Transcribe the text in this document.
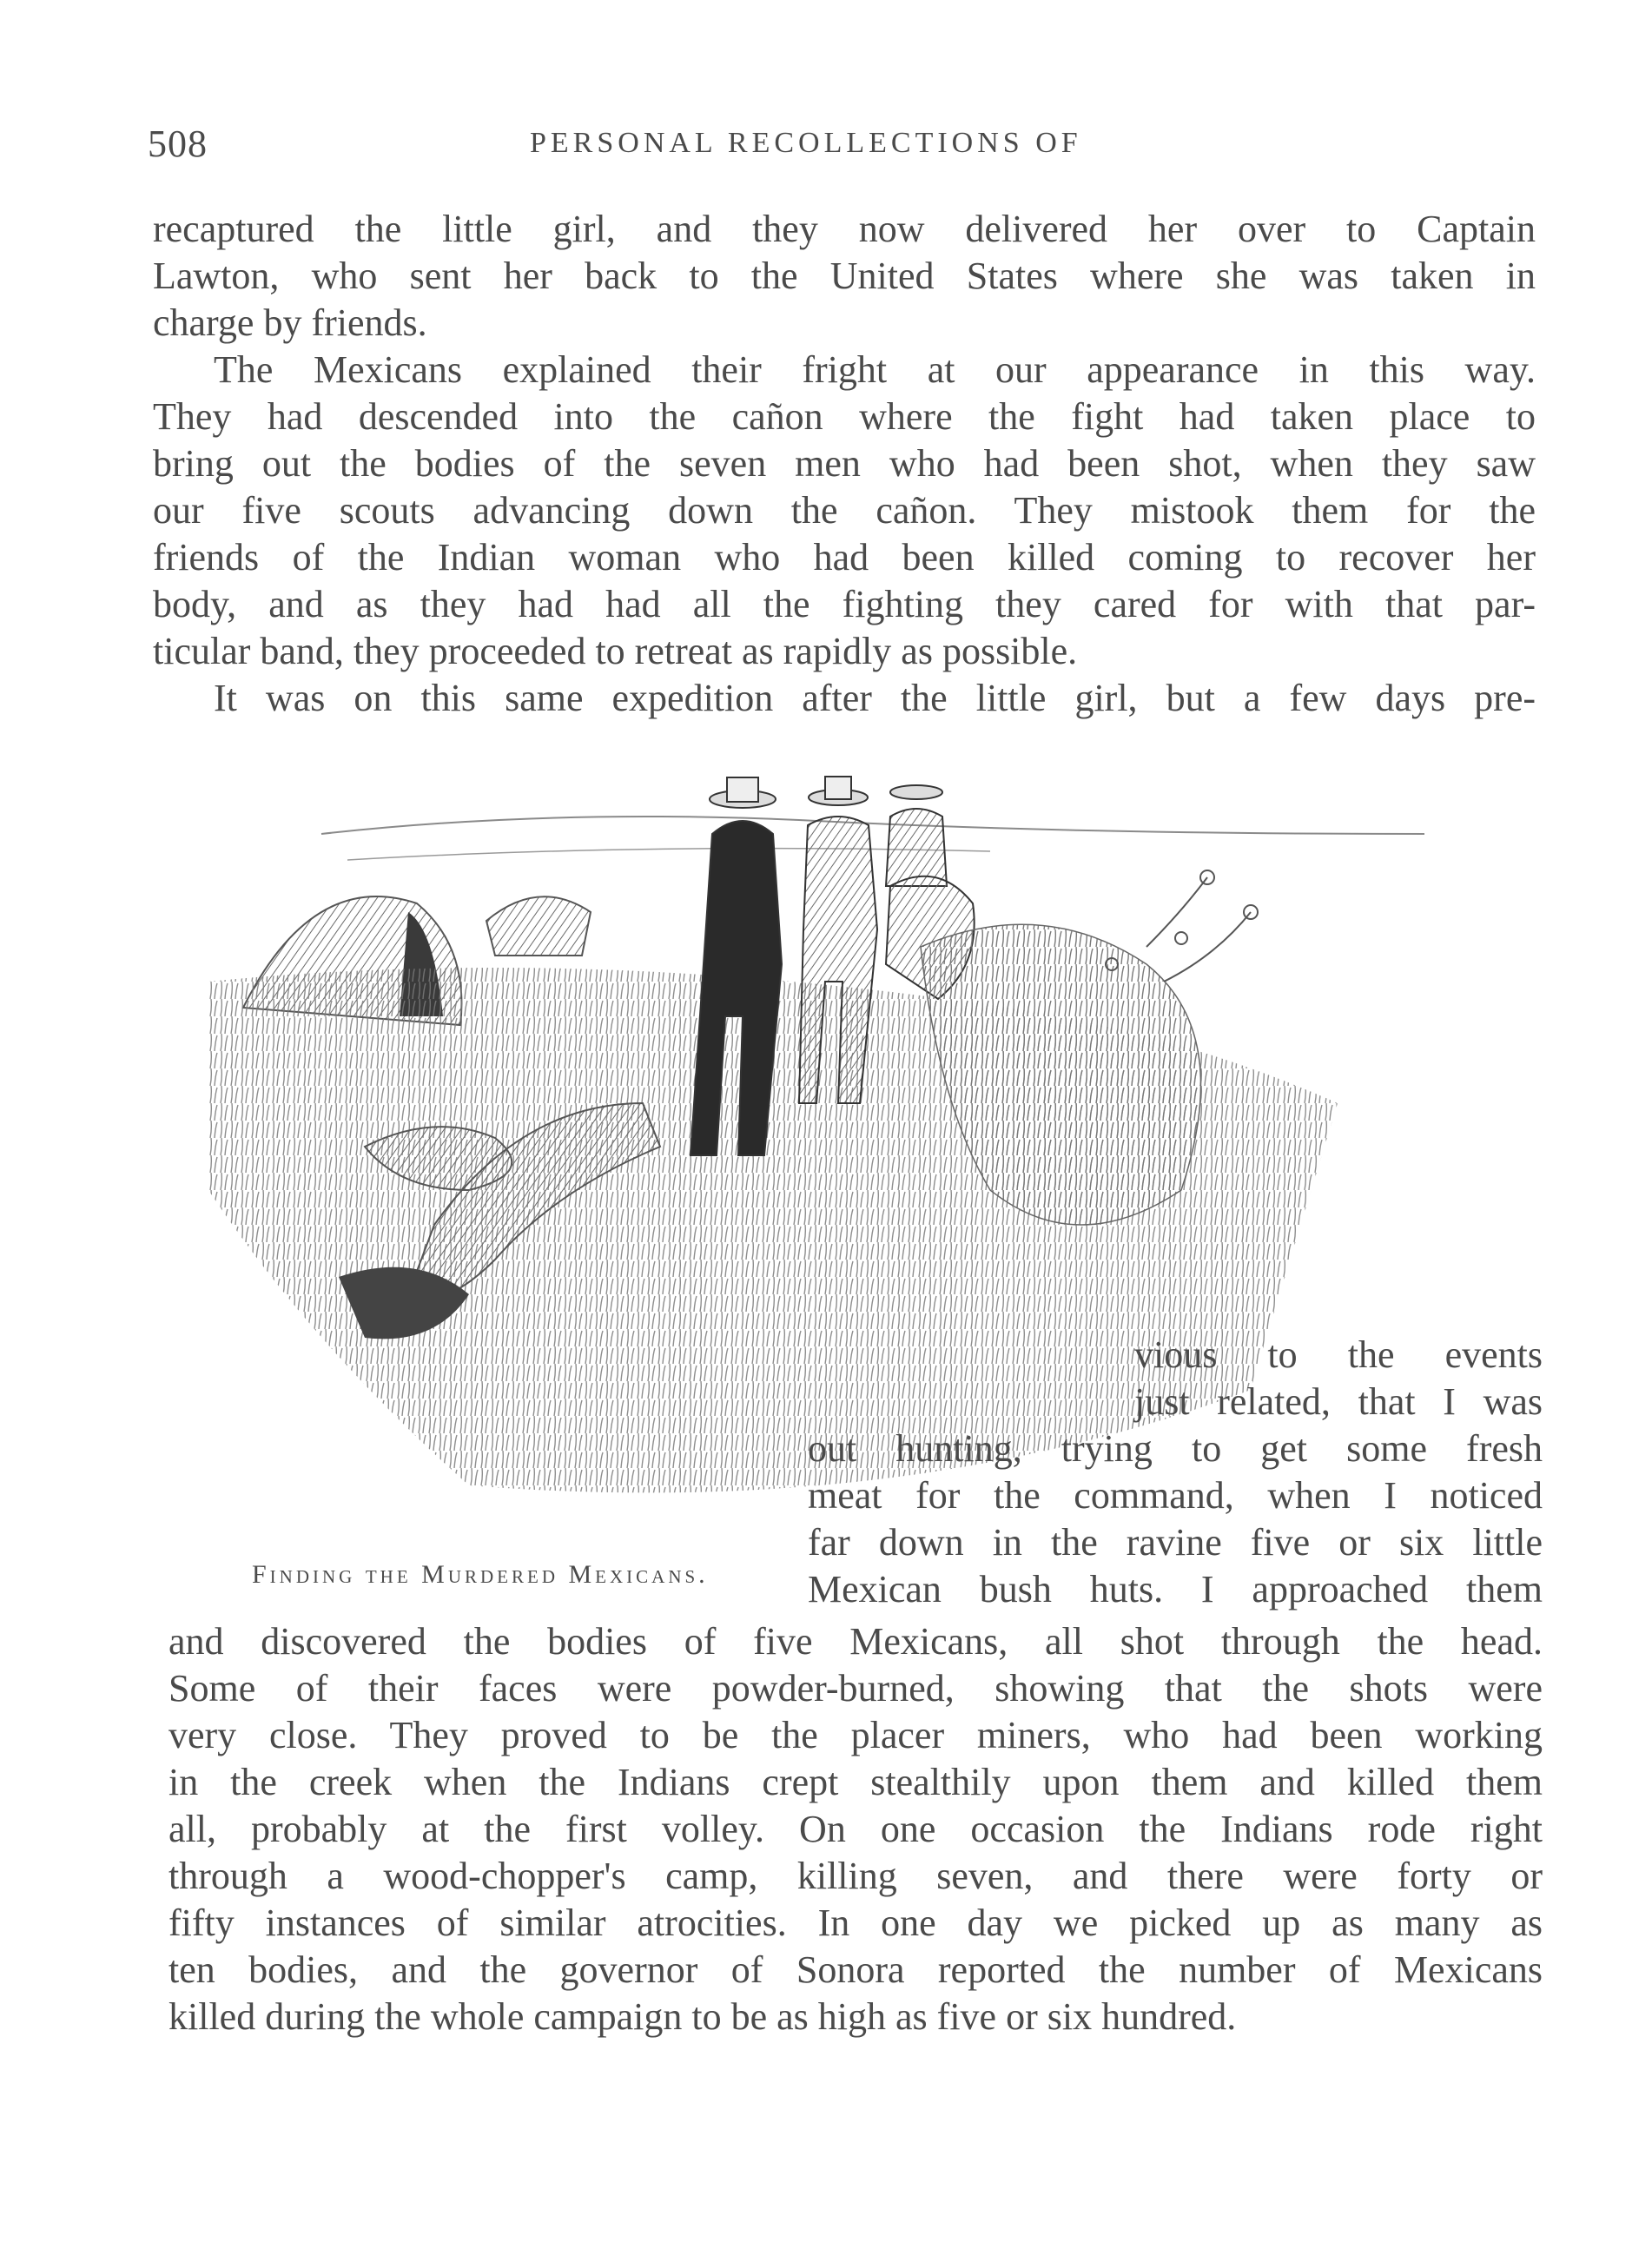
508	PERSONAL RECOLLECTIONS OF
recaptured the little girl, and they now delivered her over to Captain
Lawton, who sent her back to the United States where she was taken in
charge by friends.
The Mexicans explained their fright at our appearance in this way.
They had descended into the cañon where the fight had taken place to
bring out the bodies of the seven men who had been shot, when they saw
our five scouts advancing down the cañon. They mistook them for the
friends of the Indian woman who had been killed coming to recover her
body, and as they had had all the fighting they cared for with that par-
ticular band, they proceeded to retreat as rapidly as possible.
It was on this same expedition after the little girl, but a few days pre-
vious to the events
just related, that I was
out hunting, trying to get some fresh
meat for the command, when I noticed
far down in the ravine five or six little
Mexican bush huts. I approached them
Finding the Murdered Mexicans.
and discovered the bodies of five Mexicans, all shot through the head.
Some of their faces were powder-burned, showing that the shots were
very close. They proved to be the placer miners, who had been working
in the creek when the Indians crept stealthily upon them and killed them
all, probably at the first volley. On one occasion the Indians rode right
through a wood-chopper's camp, killing seven, and there were forty or
fifty instances of similar atrocities. In one day we picked up as many as
ten bodies, and the governor of Sonora reported the number of Mexicans
killed during the whole campaign to be as high as five or six hundred.
